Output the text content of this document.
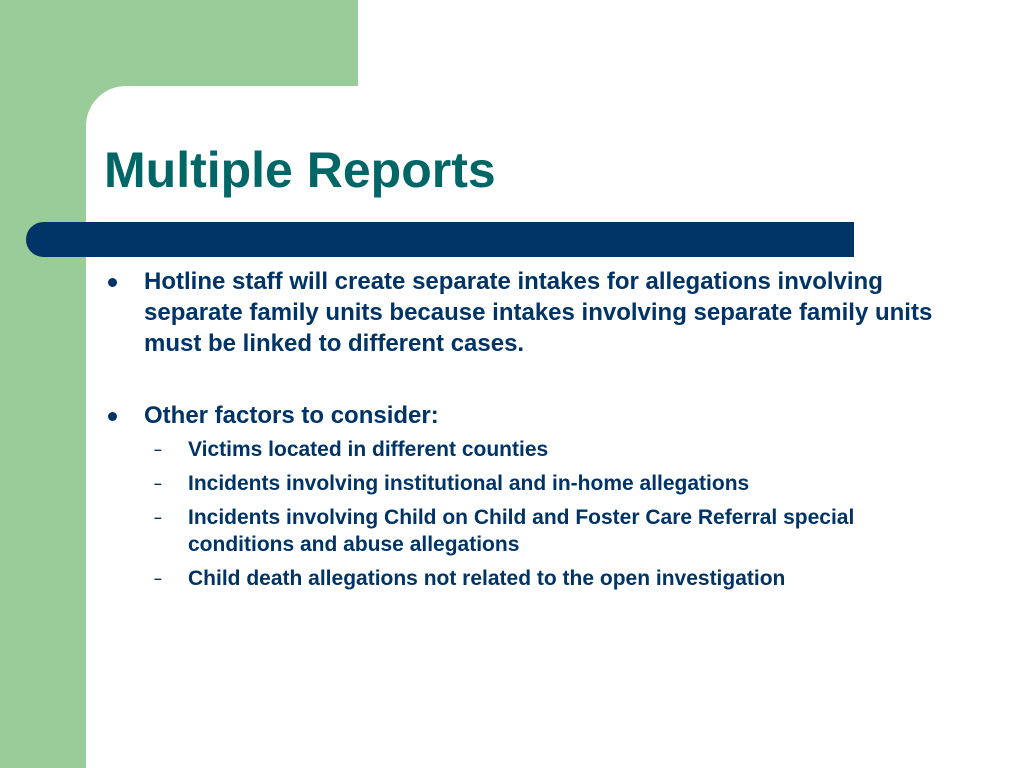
Multiple Reports
Hotline staff will create separate intakes for allegations involving separate family units because intakes involving separate family units must be linked to different cases.
Other factors to consider:
– Victims located in different counties
– Incidents involving institutional and in-home allegations
– Incidents involving Child on Child and Foster Care Referral special conditions and abuse allegations
– Child death allegations not related to the open investigation
